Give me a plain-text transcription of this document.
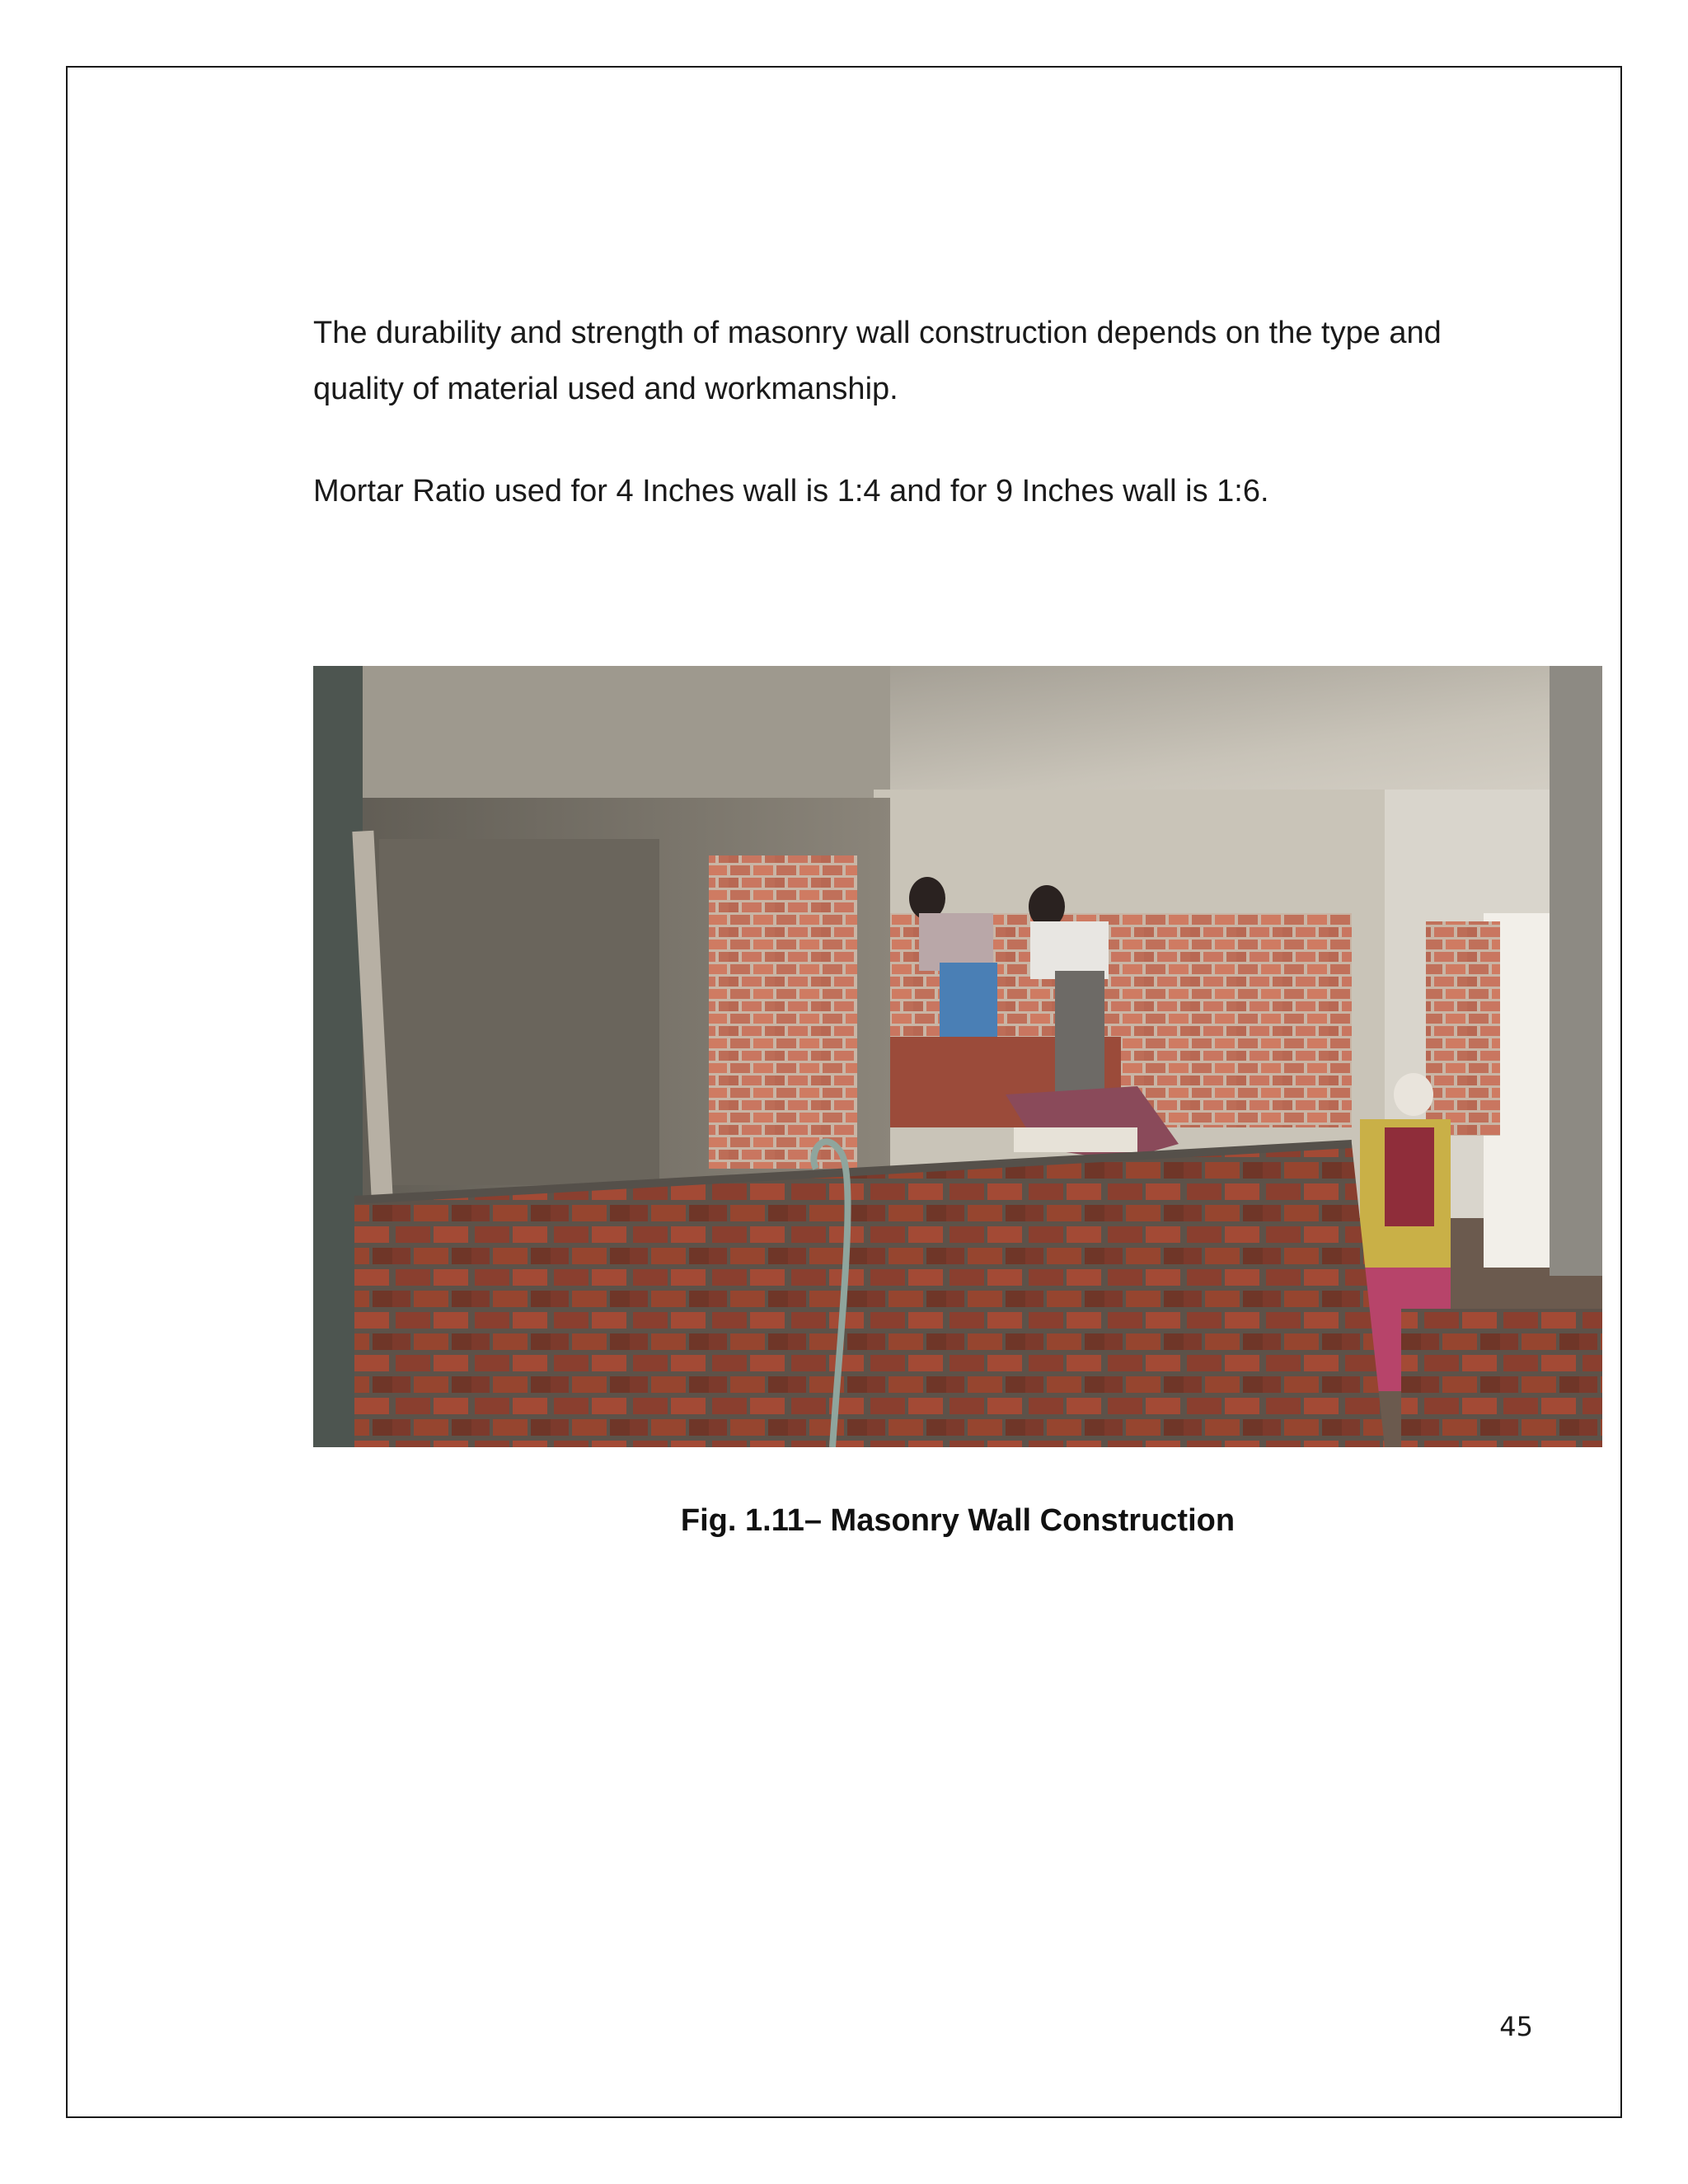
The durability and strength of masonry wall construction depends on the type and quality of material used and workmanship.

Mortar Ratio used for 4 Inches wall is 1:4 and for 9 Inches wall is 1:6.

Fig. 1.11– Masonry Wall Construction

45
